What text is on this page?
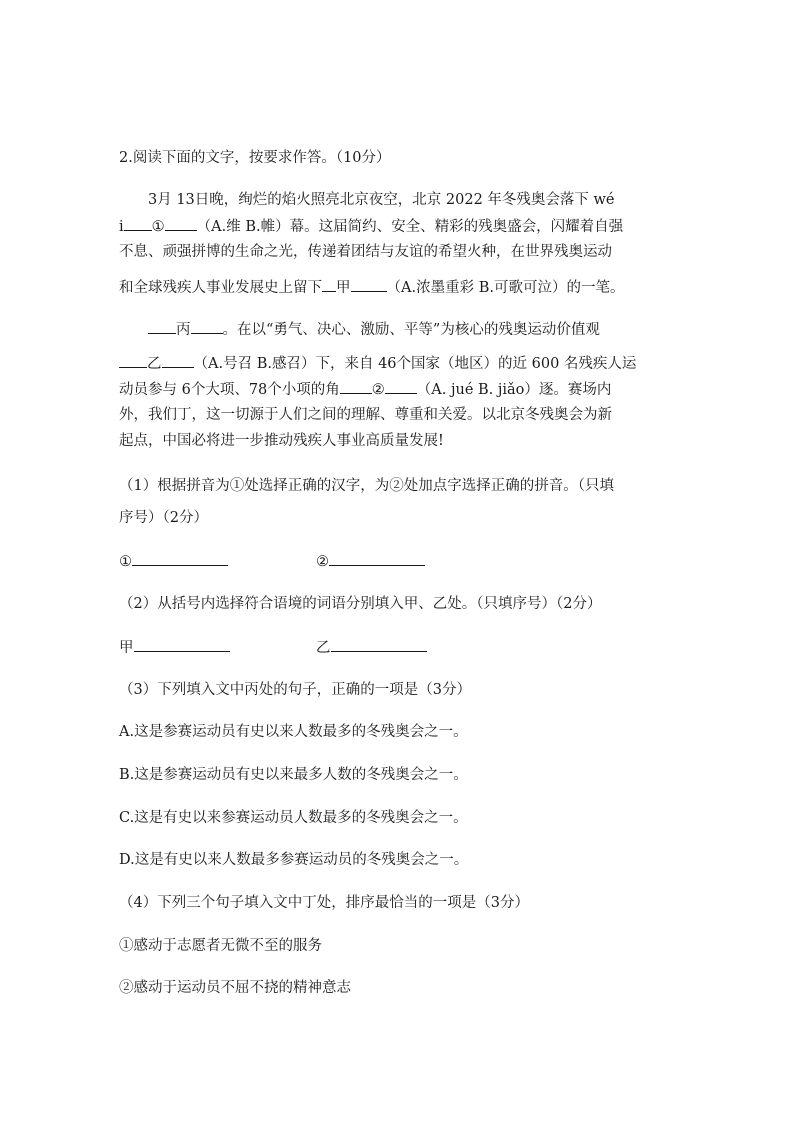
2.阅读下面的文字，按要求作答。（10分）
3月 13日晚，绚烂的焰火照亮北京夜空，北京 2022 年冬残奥会落下 wé
i ① （A.维 B.帷）幕。这届简约、安全、精彩的残奥盛会，闪耀着自强
不息、顽强拼博的生命之光，传递着团结与友谊的希望火种，在世界残奥运动
和全球残疾人事业发展史上留下 甲 （A.浓墨重彩 B.可歌可泣）的一笔。
丙 。在以“勇气、决心、激励、平等”为核心的残奥运动价值观
乙 （A.号召 B.感召）下，来自 46个国家（地区）的近 600 名残疾人运
动员参与 6个大项、78个小项的角 ② （A. jué B. jiǎo）逐。赛场内
外，我们丁，这一切源于人们之间的理解、尊重和关爱。以北京冬残奥会为新
起点，中国必将进一步推动残疾人事业高质量发展!
（1）根据拼音为①处选择正确的汉字，为②处加点字选择正确的拼音。（只填
序号）（2分）
①	②
（2）从括号内选择符合语境的词语分别填入甲、乙处。（只填序号）（2分）
甲	乙
（3）下列填入文中丙处的句子，正确的一项是（3分）
A.这是参赛运动员有史以来人数最多的冬残奥会之一。
B.这是参赛运动员有史以来最多人数的冬残奥会之一。
C.这是有史以来参赛运动员人数最多的冬残奥会之一。
D.这是有史以来人数最多参赛运动员的冬残奥会之一。
（4）下列三个句子填入文中丁处，排序最恰当的一项是（3分）
①感动于志愿者无微不至的服务
②感动于运动员不屈不挠的精神意志
